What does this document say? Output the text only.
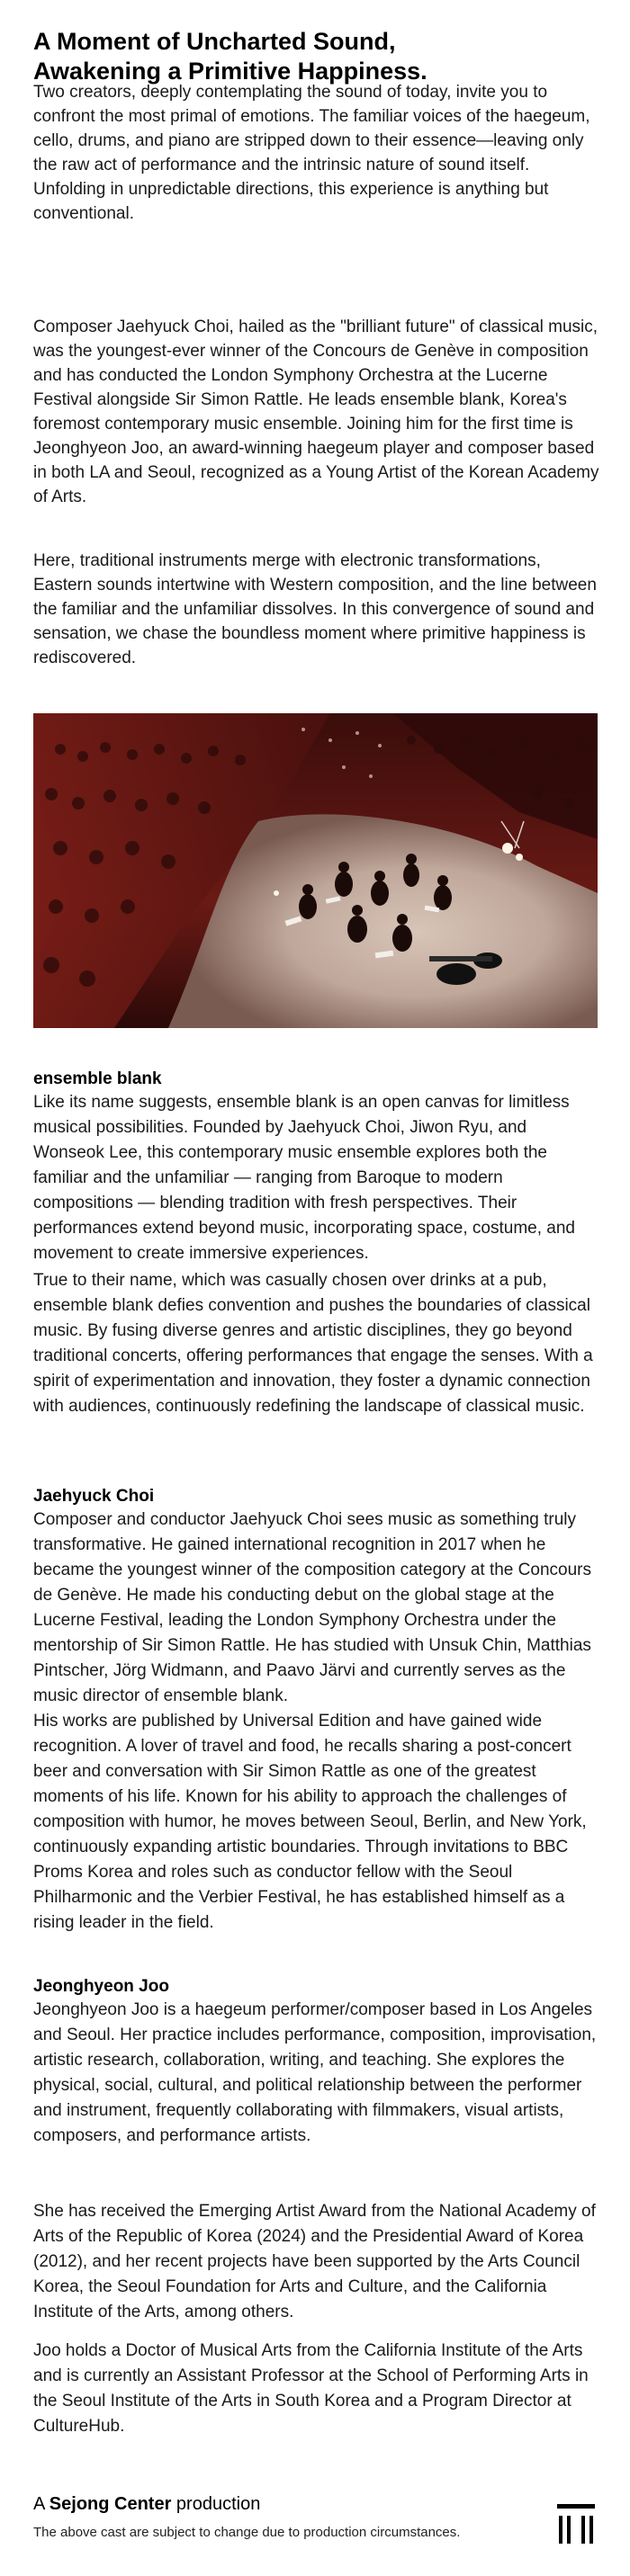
A Moment of Uncharted Sound,
Awakening a Primitive Happiness.

Two creators, deeply contemplating the sound of today, invite you to confront the most primal of emotions. The familiar voices of the haegeum, cello, drums, and piano are stripped down to their essence—leaving only the raw act of performance and the intrinsic nature of sound itself. Unfolding in unpredictable directions, this experience is anything but conventional.

Composer Jaehyuck Choi, hailed as the "brilliant future" of classical music, was the youngest-ever winner of the Concours de Genève in composition and has conducted the London Symphony Orchestra at the Lucerne Festival alongside Sir Simon Rattle. He leads ensemble blank, Korea's foremost contemporary music ensemble. Joining him for the first time is Jeonghyeon Joo, an award-winning haegeum player and composer based in both LA and Seoul, recognized as a Young Artist of the Korean Academy of Arts.

Here, traditional instruments merge with electronic transformations, Eastern sounds intertwine with Western composition, and the line between the familiar and the unfamiliar dissolves. In this convergence of sound and sensation, we chase the boundless moment where primitive happiness is rediscovered.

ensemble blank

Like its name suggests, ensemble blank is an open canvas for limitless musical possibilities. Founded by Jaehyuck Choi, Jiwon Ryu, and Wonseok Lee, this contemporary music ensemble explores both the familiar and the unfamiliar — ranging from Baroque to modern compositions — blending tradition with fresh perspectives. Their performances extend beyond music, incorporating space, costume, and movement to create immersive experiences.

True to their name, which was casually chosen over drinks at a pub, ensemble blank defies convention and pushes the boundaries of classical music. By fusing diverse genres and artistic disciplines, they go beyond traditional concerts, offering performances that engage the senses. With a spirit of experimentation and innovation, they foster a dynamic connection with audiences, continuously redefining the landscape of classical music.

Jaehyuck Choi

Composer and conductor Jaehyuck Choi sees music as something truly transformative. He gained international recognition in 2017 when he became the youngest winner of the composition category at the Concours de Genève. He made his conducting debut on the global stage at the Lucerne Festival, leading the London Symphony Orchestra under the mentorship of Sir Simon Rattle. He has studied with Unsuk Chin, Matthias Pintscher, Jörg Widmann, and Paavo Järvi and currently serves as the music director of ensemble blank.

His works are published by Universal Edition and have gained wide recognition. A lover of travel and food, he recalls sharing a post-concert beer and conversation with Sir Simon Rattle as one of the greatest moments of his life. Known for his ability to approach the challenges of composition with humor, he moves between Seoul, Berlin, and New York, continuously expanding artistic boundaries. Through invitations to BBC Proms Korea and roles such as conductor fellow with the Seoul Philharmonic and the Verbier Festival, he has established himself as a rising leader in the field.

Jeonghyeon Joo

Jeonghyeon Joo is a haegeum performer/composer based in Los Angeles and Seoul. Her practice includes performance, composition, improvisation, artistic research, collaboration, writing, and teaching. She explores the physical, social, cultural, and political relationship between the performer and instrument, frequently collaborating with filmmakers, visual artists, composers, and performance artists.

She has received the Emerging Artist Award from the National Academy of Arts of the Republic of Korea (2024) and the Presidential Award of Korea (2012), and her recent projects have been supported by the Arts Council Korea, the Seoul Foundation for Arts and Culture, and the California Institute of the Arts, among others.

Joo holds a Doctor of Musical Arts from the California Institute of the Arts and is currently an Assistant Professor at the School of Performing Arts in the Seoul Institute of the Arts in South Korea and a Program Director at CultureHub.

A Sejong Center production

The above cast are subject to change due to production circumstances.
